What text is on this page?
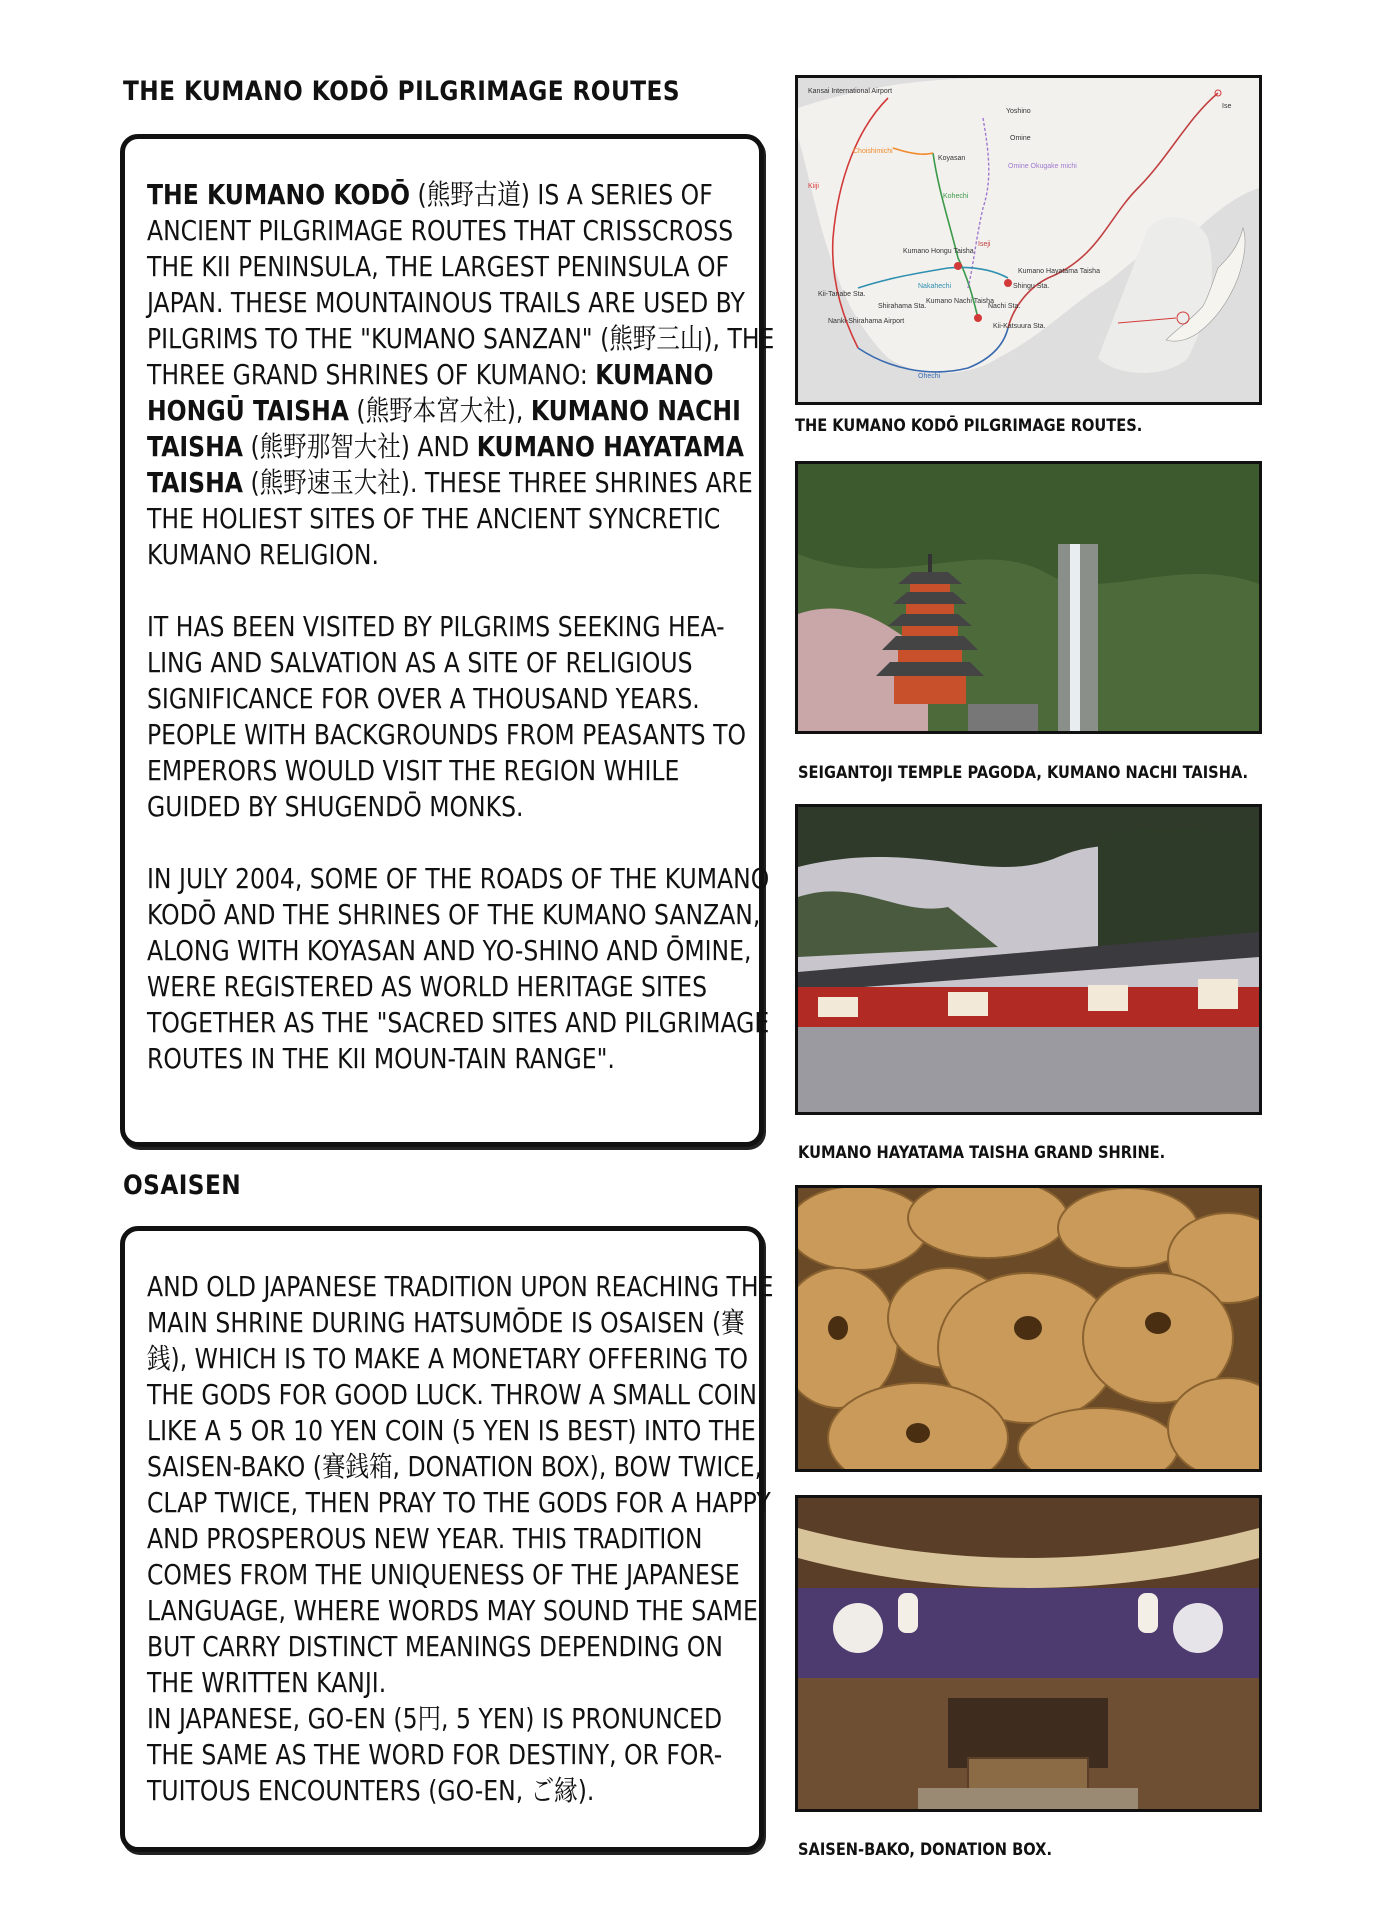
THE KUMANO KODŌ PILGRIMAGE ROUTES

THE KUMANO KODŌ (熊野古道) IS A SERIES OF ANCIENT PILGRIMAGE ROUTES THAT CRISSCROSS THE KII PENINSULA, THE LARGEST PENINSULA OF JAPAN. THESE MOUNTAINOUS TRAILS ARE USED BY PILGRIMS TO THE "KUMANO SANZAN" (熊野三山), THE THREE GRAND SHRINES OF KUMANO: KUMANO HONGŪ TAISHA (熊野本宮大社), KUMANO NACHI TAISHA (熊野那智大社) AND KUMANO HAYATAMA TAISHA (熊野速玉大社). THESE THREE SHRINES ARE THE HOLIEST SITES OF THE ANCIENT SYNCRETIC KUMANO RELIGION.

IT HAS BEEN VISITED BY PILGRIMS SEEKING HEA-LING AND SALVATION AS A SITE OF RELIGIOUS SIGNIFICANCE FOR OVER A THOUSAND YEARS. PEOPLE WITH BACKGROUNDS FROM PEASANTS TO EMPERORS WOULD VISIT THE REGION WHILE GUIDED BY SHUGENDŌ MONKS.

IN JULY 2004, SOME OF THE ROADS OF THE KUMANO KODŌ AND THE SHRINES OF THE KUMANO SANZAN, ALONG WITH KOYASAN AND YO-SHINO AND ŌMINE, WERE REGISTERED AS WORLD HERITAGE SITES TOGETHER AS THE "SACRED SITES AND PILGRIMAGE ROUTES IN THE KII MOUN-TAIN RANGE".

OSAISEN

AND OLD JAPANESE TRADITION UPON REACHING THE MAIN SHRINE DURING HATSUMŌDE IS OSAISEN (賽銭), WHICH IS TO MAKE A MONETARY OFFERING TO THE GODS FOR GOOD LUCK. THROW A SMALL COIN LIKE A 5 OR 10 YEN COIN (5 YEN IS BEST) INTO THE SAISEN-BAKO (賽銭箱, DONATION BOX), BOW TWICE, CLAP TWICE, THEN PRAY TO THE GODS FOR A HAPPY AND PROSPEROUS NEW YEAR. THIS TRADITION COMES FROM THE UNIQUENESS OF THE JAPANESE LANGUAGE, WHERE WORDS MAY SOUND THE SAME BUT CARRY DISTINCT MEANINGS DEPENDING ON THE WRITTEN KANJI.

IN JAPANESE, GO-EN (5円, 5 YEN) IS PRONUNCED THE SAME AS THE WORD FOR DESTINY, OR FOR-TUITOUS ENCOUNTERS (GO-EN, ご縁).

Kansai International Airport
Ise
Yoshino
Omine
Omine Okugake michi
Choishimichi
Koyasan
Kohechi
Kiiji
Kumano Hongu Taisha
Iseji
Nakahechi
Kumano Hayatama Taisha
Kumano Nachi Taisha
Kii-Tanabe Sta.
Shirahama Sta.
Nanki-Shirahama Airport
Shingu Sta.
Nachi Sta.
Kii-Katsuura Sta.
Ohechi
THE KUMANO KODŌ PILGRIMAGE ROUTES.
SEIGANTOJI TEMPLE PAGODA, KUMANO NACHI TAISHA.
KUMANO HAYATAMA TAISHA GRAND SHRINE.
SAISEN-BAKO, DONATION BOX.
